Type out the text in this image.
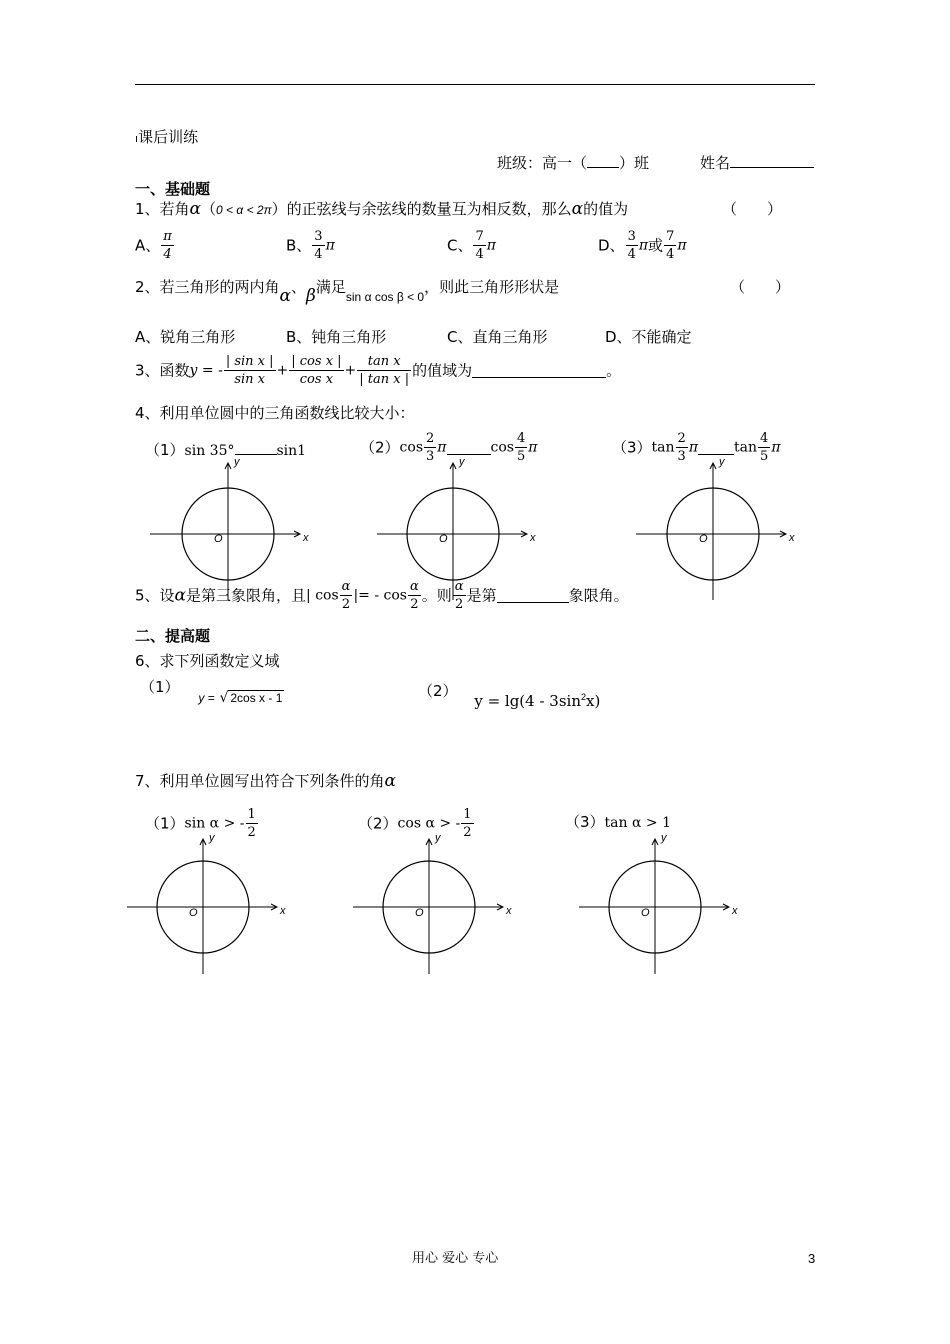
ı课后训练
班级：高一（ ）班	姓名
一、基础题
1、若角α（0 < α < 2π）的正弦线与余弦线的数量互为相反数，那么α的值为	（　　）
A、 $\frac{\pi}{4}$	B、 $\frac{3}{4}$ π	C、 $\frac{7}{4}$ π	D、 $\frac{3}{4}$ π或 $\frac{7}{4}$ π
2、若三角形的两内角α、β满足$_{sin \alpha cos \beta < 0}$，则此三角形形状是	（　　）
A、锐角三角形	B、钝角三角形	C、直角三角形	D、不能确定
3、函数y = - $\frac{\text{| sin x |}}{\text{sin x}} + \frac{\text{| cos x |}}{\text{cos x}} + \frac{\text{tan x}}{\text{| tan x |}}$ 的值域为	。
4、利用单位圆中的三角函数线比较大小：
（1）sin 35°	sin1	$(2)\cos \frac{2}{3}$ π	$\cos \frac{4}{5}$ π	$(3)\tan \frac{2}{3}$ π	$\tan \frac{4}{5}$ π
x
y
O	x
y
O	x
y
O
5、设α是第三象限角，且| $\cos \frac{\alpha}{2}$ |= - $\cos \frac{\alpha}{2}$ 。则 $\frac{\alpha}{2}$ 是第	象限角。
二、提高题
6、求下列函数定义域
（1） y = √ 2cos x - 1	（2） $y = \lg(4 - 3\sin^2x)$
7、利用单位圆写出符合下列条件的角α
（1）sin α > - $\frac{1}{2}$	（2）cos α > - $\frac{1}{2}$	（3）tan α > 1
x
y
O	x
y
O	x
y
O
用心 爱心 专心	3
